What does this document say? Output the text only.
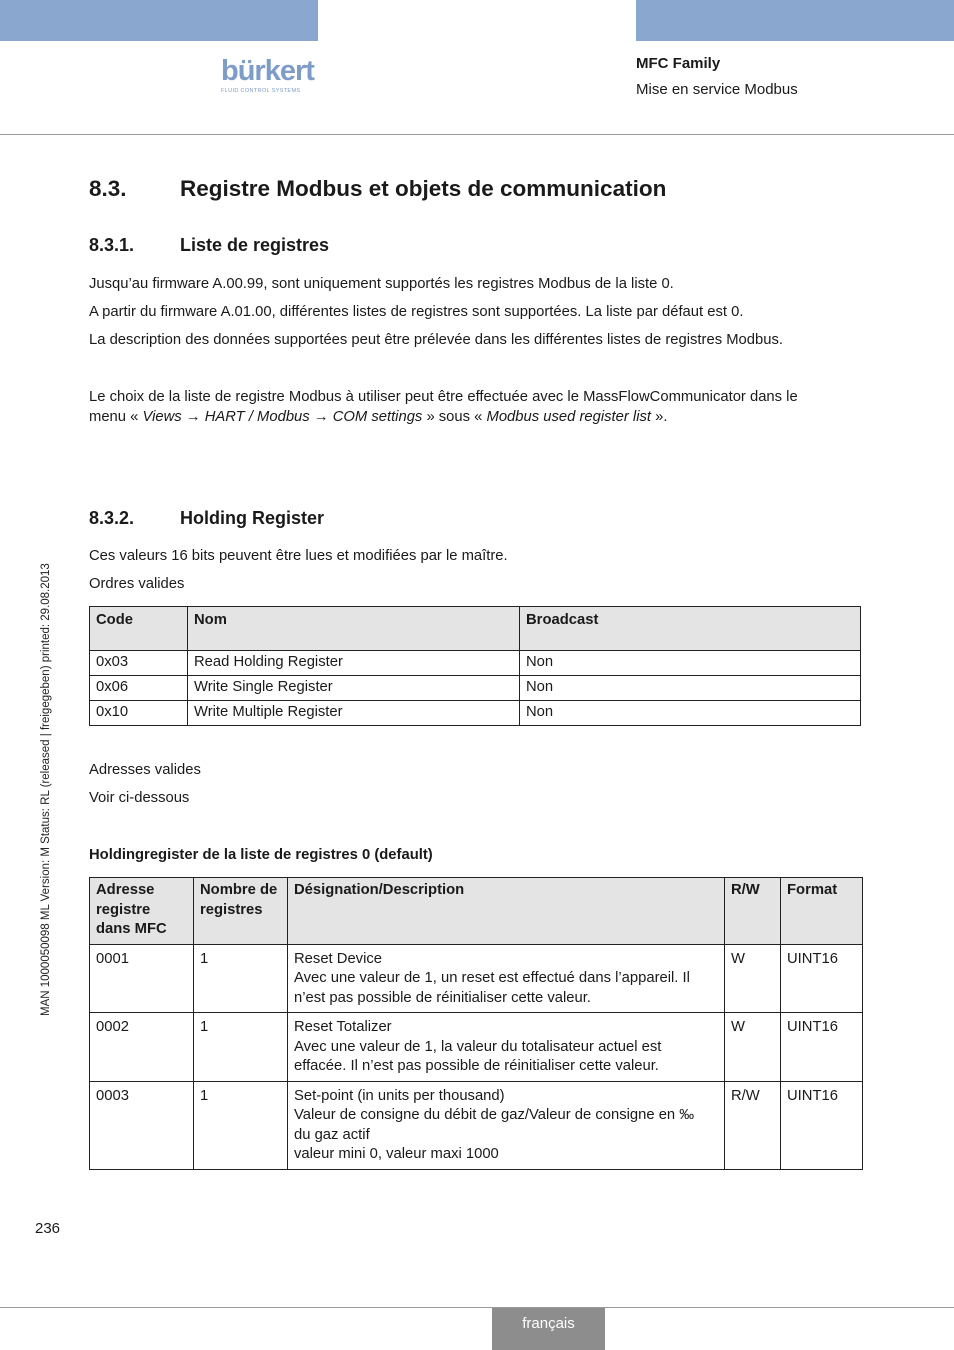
bürkert
FLUID CONTROL SYSTEMS
MFC Family
Mise en service Modbus
MAN 1000050098 ML Version: M Status: RL (released | freigegeben) printed: 29.08.2013
8.3. Registre Modbus et objets de communication
8.3.1.	Liste de registres
Jusqu’au firmware A.00.99, sont uniquement supportés les registres Modbus de la liste 0.
A partir du firmware A.01.00, différentes listes de registres sont supportées. La liste par défaut est 0.
La description des données supportées peut être prélevée dans les différentes listes de registres Modbus.
Le choix de la liste de registre Modbus à utiliser peut être effectuée avec le MassFlowCommunicator dans le
menu « Views → HART / Modbus → COM settings » sous « Modbus used register list ».
8.3.2.	Holding Register
Ces valeurs 16 bits peuvent être lues et modifiées par le maître.
Ordres valides
Code	Nom	Broadcast
0x03	Read Holding Register	Non
0x06	Write Single Register	Non
0x10	Write Multiple Register	Non
Adresses valides
Voir ci-dessous
Holdingregister de la liste de registres 0 (default)
Adresse registre dans MFC	Nombre de registres	Désignation/Description	R/W	Format
0001	1	Reset Device
Avec une valeur de 1, un reset est effectué dans l’appareil. Il
n’est pas possible de réinitialiser cette valeur.	W	UINT16
0002	1	Reset Totalizer
Avec une valeur de 1, la valeur du totalisateur actuel est
effacée. Il n’est pas possible de réinitialiser cette valeur.	W	UINT16
0003	1	Set-point (in units per thousand)
Valeur de consigne du débit de gaz/Valeur de consigne en ‰
du gaz actif
valeur mini 0, valeur maxi 1000	R/W	UINT16
236
français
